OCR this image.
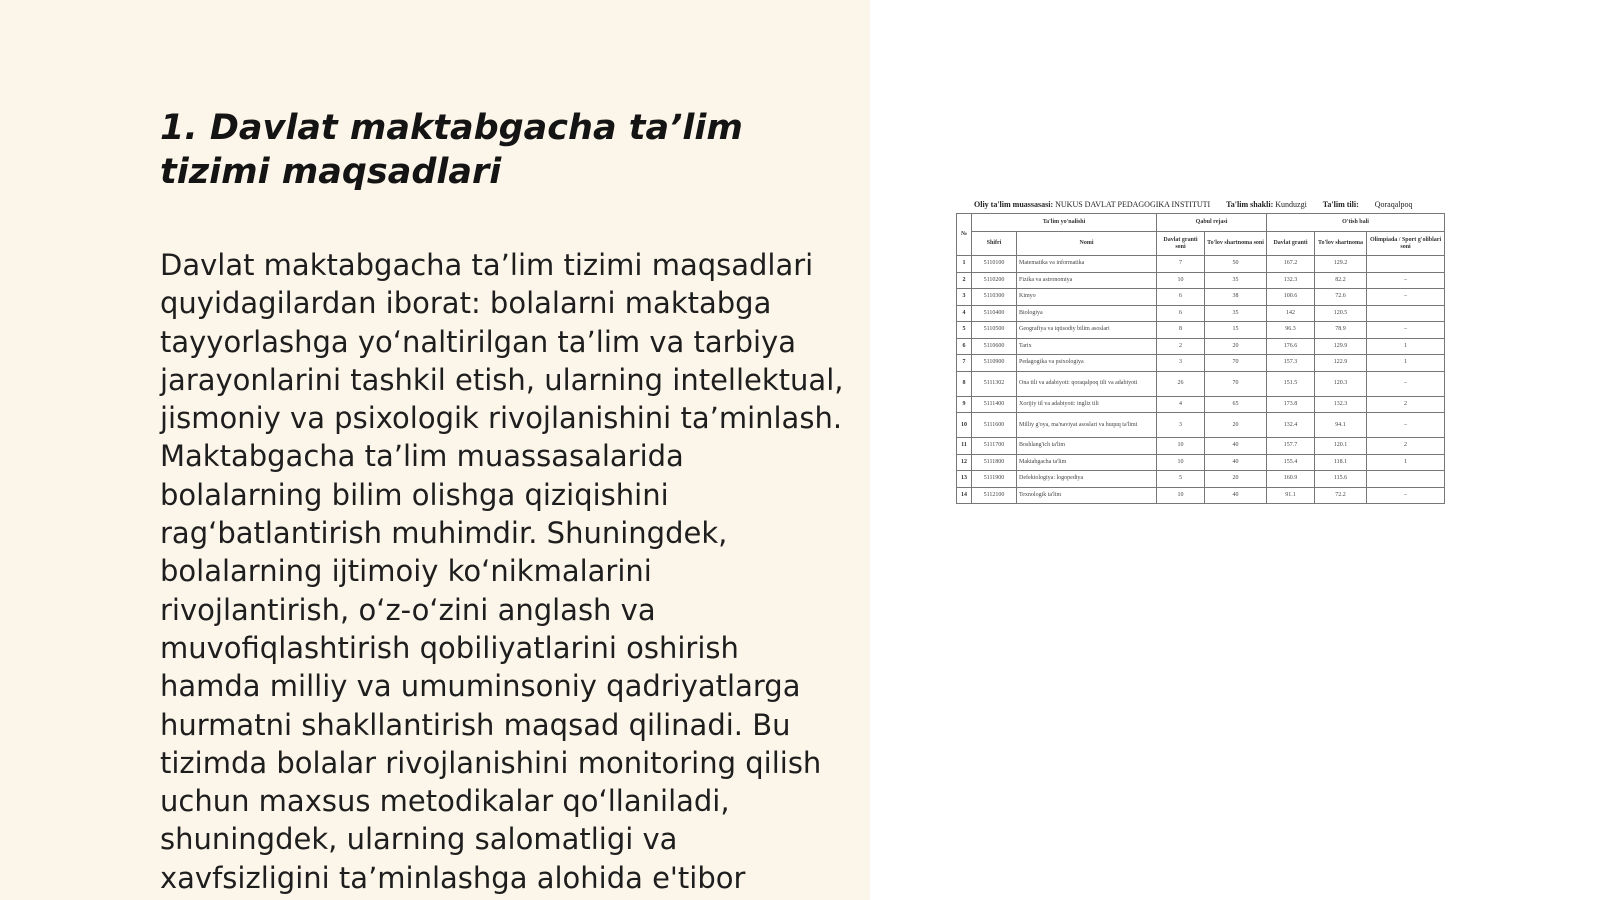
1. Davlat maktabgacha ta’lim tizimi maqsadlari

Davlat maktabgacha ta’lim tizimi maqsadlari quyidagilardan iborat: bolalarni maktabga tayyorlashga yo‘naltirilgan ta’lim va tarbiya jarayonlarini tashkil etish, ularning intellektual, jismoniy va psixologik rivojlanishini ta’minlash. Maktabgacha ta’lim muassasalarida bolalarning bilim olishga qiziqishini rag‘batlantirish muhimdir. Shuningdek, bolalarning ijtimoiy ko‘nikmalarini rivojlantirish, o‘z-o‘zini anglash va muvofiqlashtirish qobiliyatlarini oshirish hamda milliy va umuminsoniy qadriyatlarga hurmatni shakllantirish maqsad qilinadi. Bu tizimda bolalar rivojlanishini monitoring qilish uchun maxsus metodikalar qo‘llaniladi, shuningdek, ularning salomatligi va xavfsizligini ta’minlashga alohida e'tibor

Oliy ta'lim muassasasi: NUKUS DAVLAT PEDAGOGIKA INSTITUTI Ta'lim shakli: Kunduzgi Ta'lim tili: Qoraqalpoq
№	Ta'lim yo'nalishi		Qabul rejasi		O'tish bali		
	Shifri	Nomi	Davlat granti soni	To'lov shartnoma soni	Davlat granti	To'lov shartnoma	Olimpiada / Sport g'oliblari soni
1	5110100	Matematika va informatika	7	50	167.2	129.2	
2	5110200	Fizika va astronomiya	10	35	132.3	82.2	–
3	5110300	Kimyo	6	38	100.6	72.6	–
4	5110400	Biologiya	6	35	142	120.5	
5	5110500	Geografiya va iqtisodiy bilim asoslari	8	15	96.3	78.9	–
6	5110600	Tarix	2	20	176.6	129.9	1
7	5110900	Pedagogika va psixologiya	3	70	157.3	122.9	1
8	5111302	Ona tili va adabiyoti: qoraqalpoq tili va adabiyoti	26	70	151.5	120.3	–
9	5111400	Xorijiy til va adabiyoti: ingliz tili	4	65	173.8	132.3	2
10	5111600	Milliy g'oya, ma'naviyat asoslari va huquq ta'limi	3	20	132.4	94.1	–
11	5111700	Boshlang'ich ta'lim	10	40	157.7	120.1	2
12	5111800	Maktabgacha ta'lim	10	40	155.4	118.1	1
13	5111900	Defektologiya: logopediya	5	20	160.9	115.6	
14	5112100	Texnologik ta'lim	10	40	91.1	72.2	–
